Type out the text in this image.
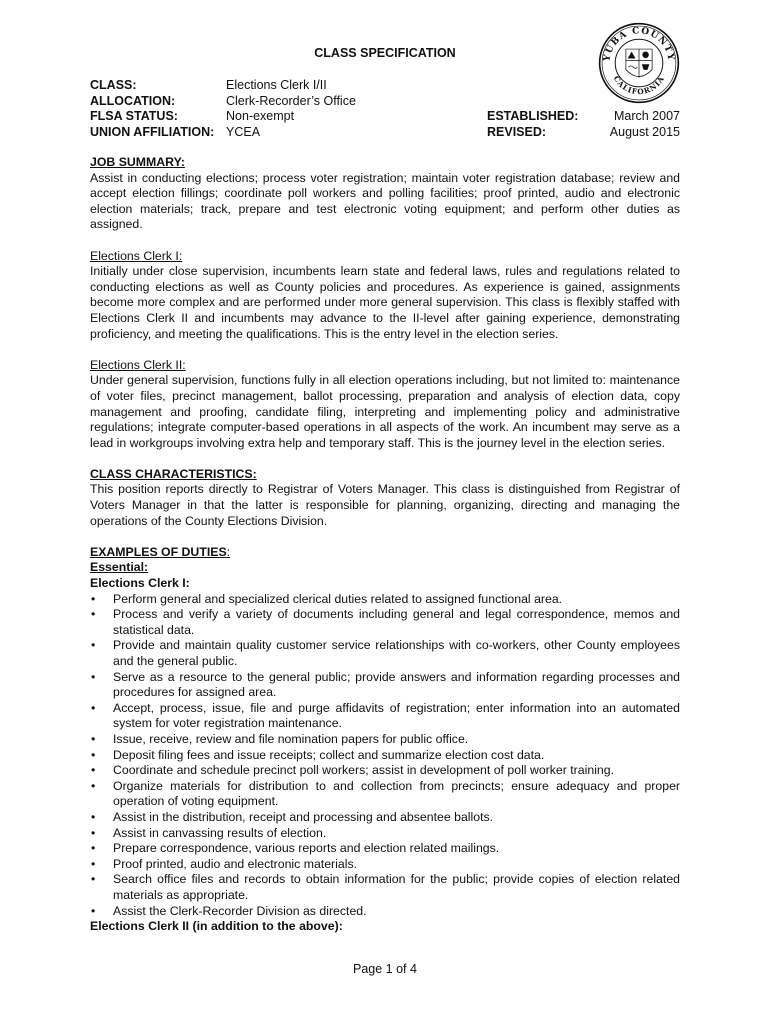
YUBA COUNTY
CALIFORNIA
CLASS SPECIFICATION
CLASS:
ALLOCATION:
FLSA STATUS:
UNION AFFILIATION:
Elections Clerk I/II
Clerk-Recorder’s Office
Non-exempt
YCEA
ESTABLISHED:
REVISED:
March 2007
August 2015
JOB SUMMARY:

Assist in conducting elections; process voter registration; maintain voter registration database; review and accept election fillings; coordinate poll workers and polling facilities; proof printed, audio and electronic election materials; track, prepare and test electronic voting equipment; and perform other duties as assigned.

Elections Clerk I:

Initially under close supervision, incumbents learn state and federal laws, rules and regulations related to conducting elections as well as County policies and procedures. As experience is gained, assignments become more complex and are performed under more general supervision. This class is flexibly staffed with Elections Clerk II and incumbents may advance to the II-level after gaining experience, demonstrating proficiency, and meeting the qualifications. This is the entry level in the election series.

Elections Clerk II:

Under general supervision, functions fully in all election operations including, but not limited to: maintenance of voter files, precinct management, ballot processing, preparation and analysis of election data, copy management and proofing, candidate filing, interpreting and implementing policy and administrative regulations; integrate computer-based operations in all aspects of the work. An incumbent may serve as a lead in workgroups involving extra help and temporary staff. This is the journey level in the election series.

CLASS CHARACTERISTICS:

This position reports directly to Registrar of Voters Manager. This class is distinguished from Registrar of Voters Manager in that the latter is responsible for planning, organizing, directing and managing the operations of the County Elections Division.

EXAMPLES OF DUTIES:
Essential:
Elections Clerk I:
• Perform general and specialized clerical duties related to assigned functional area.
• Process and verify a variety of documents including general and legal correspondence, memos and statistical data.
• Provide and maintain quality customer service relationships with co-workers, other County employees and the general public.
• Serve as a resource to the general public; provide answers and information regarding processes and procedures for assigned area.
• Accept, process, issue, file and purge affidavits of registration; enter information into an automated system for voter registration maintenance.
• Issue, receive, review and file nomination papers for public office.
• Deposit filing fees and issue receipts; collect and summarize election cost data.
• Coordinate and schedule precinct poll workers; assist in development of poll worker training.
• Organize materials for distribution to and collection from precincts; ensure adequacy and proper operation of voting equipment.
• Assist in the distribution, receipt and processing and absentee ballots.
• Assist in canvassing results of election.
• Prepare correspondence, various reports and election related mailings.
• Proof printed, audio and electronic materials.
• Search office files and records to obtain information for the public; provide copies of election related materials as appropriate.
• Assist the Clerk-Recorder Division as directed.
Elections Clerk II (in addition to the above):
Page 1 of 4
